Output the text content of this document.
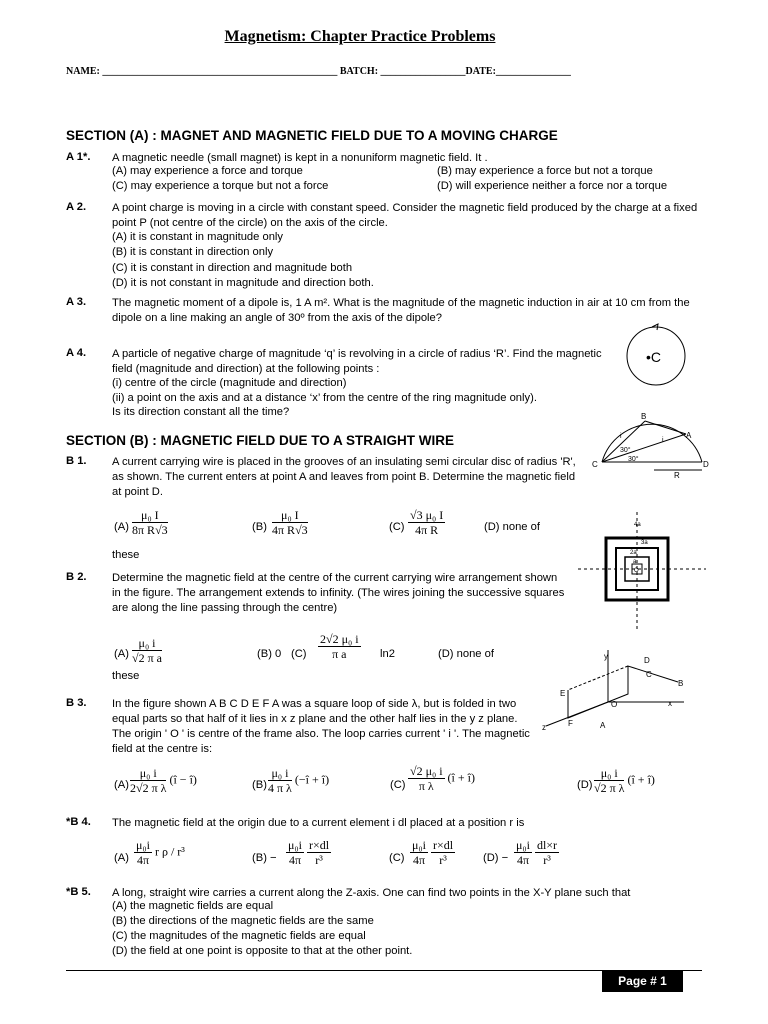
Magnetism: Chapter Practice Problems
NAME: _______________________________________________ BATCH: _________________DATE:_______________
SECTION (A) : MAGNET AND MAGNETIC FIELD DUE TO A MOVING CHARGE
A 1*. A magnetic needle (small magnet) is kept in a nonuniform magnetic field. It .
(A) may experience a force and torque	(B) may experience a force but not a torque
(C) may experience a torque but not a force	(D) will experience neither a force nor a torque
A 2. A point charge is moving in a circle with constant speed. Consider the magnetic field produced by the charge at a fixed point P (not centre of the circle) on the axis of the circle.
(A) it is constant in magnitude only
(B) it is constant in direction only
(C) it is constant in direction and magnitude both
(D) it is not constant in magnitude and direction both.
A 3. The magnetic moment of a dipole is, 1 A m². What is the magnitude of the magnetic induction in air at 10 cm from the dipole on a line making an angle of 30º from the axis of the dipole?
A 4. A particle of negative charge of magnitude ‘q’ is revolving in a circle of radius ‘R’. Find the magnetic field (magnitude and direction) at the following points :
(i) centre of the circle (magnitude and direction)
(ii) a point on the axis and at a distance ‘x’ from the centre of the ring magnitude only).
Is its direction constant all the time?
•C
SECTION (B) : MAGNETIC FIELD DUE TO A STRAIGHT WIRE
B 1. A current carrying wire is placed in the grooves of an insulating semi circular disc of radius 'R', as shown. The current enters at point A and leaves from point B. Determine the magnetic field at point D.
B
A
C	D
R
30°
30°
i
i
$(A) \frac{\text{μ₀ I}}{\text{8π R√3}}$	$(B) \frac{\text{μ₀ I}}{\text{4π R√3}}$	$(C) \frac{\text{√3 μ₀ I}}{\text{4π R}}$	(D) none of
these
B 2. Determine the magnetic field at the centre of the current carrying wire arrangement shown in the figure. The arrangement extends to infinity. (The wires joining the successive squares are along the line passing through the centre)
4a
3a
2a
a
O
$(A) \frac{\text{μ₀ i}}{\text{√2 π a}}$	(B) 0 $(C) \frac{\text{2√2 μ₀ i}}{\text{π a}} \ln 2$	(D) none of
these
B 3. In the figure shown A B C D E F A was a square loop of side λ, but is folded in two equal parts so that half of it lies in x z plane and the other half lies in the y z plane. The origin ' O ' is centre of the frame also. The loop carries current ' i '. The magnetic field at the centre is:
y
x
z	A
B
C
D
E
F
O
$(A) \frac{\text{μ₀ i}}{\text{2√2 π λ}}$ (î − î)	$(B) \frac{\text{μ₀ i}}{\text{4 π λ}}$ (−î + î)	$(C) \frac{\text{√2 μ₀ i}}{\text{π λ}}$ (î + î)
$(D) \frac{\text{μ₀ i}}{\text{√2 π λ}}$ (î + î)
*B 4. The magnetic field at the origin due to a current element i dl placed at a position r is
$(A) \frac{\text{μ₀i}}{4\pi}$ r ρ / r³	$(B) - \frac{\text{μ₀i}}{4\pi}$
$\frac{r\times dl}{\text{r³}}$	$(C) \frac{\text{μ₀i}}{4\pi}$
$\frac{r\times dl}{\text{r³}} (D) - \frac{\text{μ₀i}}{4\pi}$
$\frac{dl\times r}{\text{r³}}$
*B 5. A long, straight wire carries a current along the Z-axis. One can find two points in the X-Y plane such that
(A) the magnetic fields are equal
(B) the directions of the magnetic fields are the same
(C) the magnitudes of the magnetic fields are equal
(D) the field at one point is opposite to that at the other point.
Page # 1
